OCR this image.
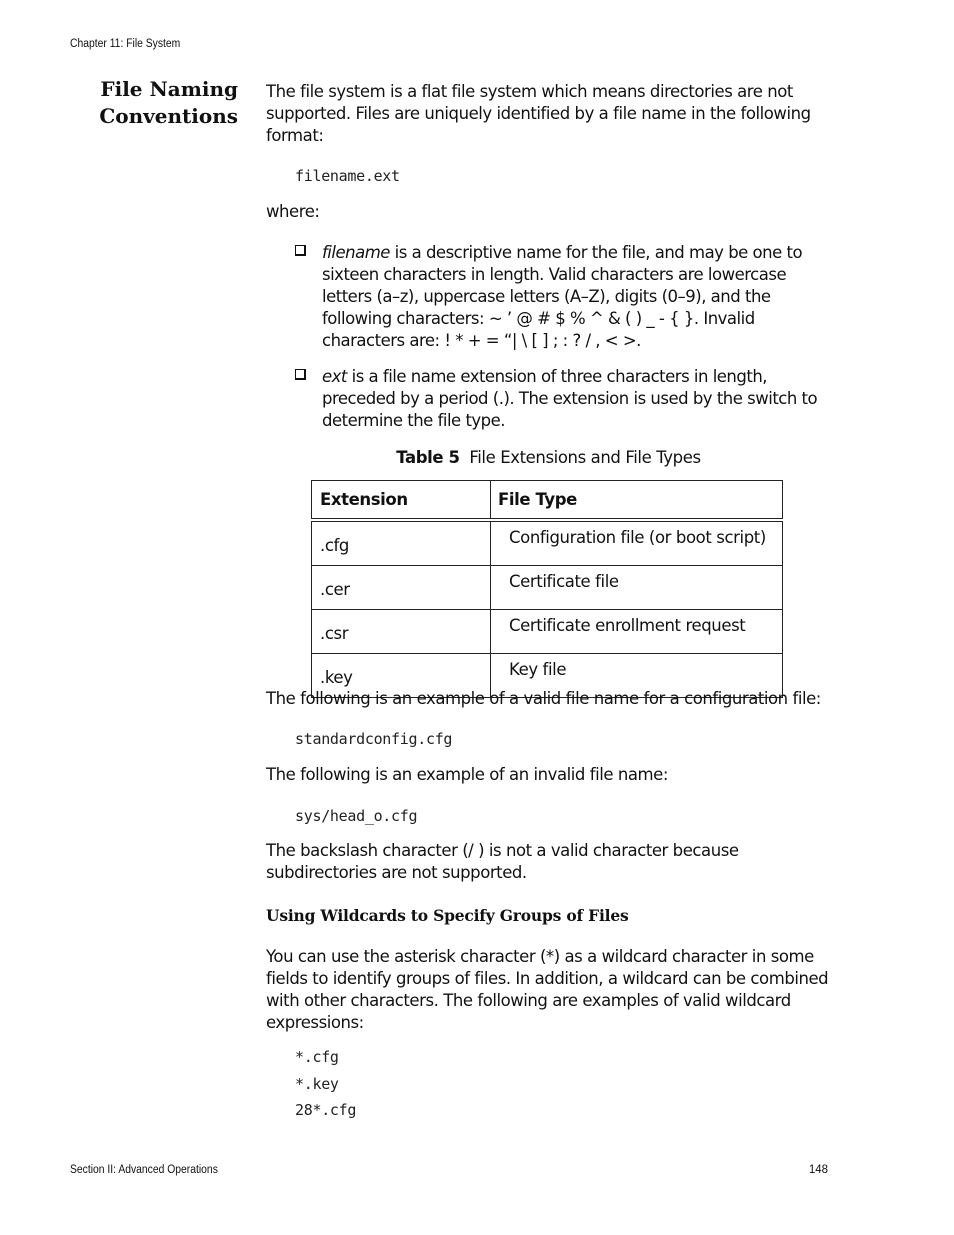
Chapter 11: File System
File Naming
Conventions

The file system is a flat file system which means directories are not supported. Files are uniquely identified by a file name in the following format:

filename.ext

where:

filename is a descriptive name for the file, and may be one to sixteen characters in length. Valid characters are lowercase letters (a–z), uppercase letters (A–Z), digits (0–9), and the following characters: ~ ’ @ # $ % ^ & ( ) _ - { }. Invalid characters are: ! * + = “| \ [ ] ; : ? / , < >.

ext is a file name extension of three characters in length, preceded by a period (.). The extension is used by the switch to determine the file type.

Table 5 File Extensions and File Types
Extension	File Type
.cfg	Configuration file (or boot script)
.cer	Certificate file
.csr	Certificate enrollment request
.key	Key file

The following is an example of a valid file name for a configuration file:

standardconfig.cfg

The following is an example of an invalid file name:

sys/head_o.cfg

The backslash character (/ ) is not a valid character because subdirectories are not supported.

Using Wildcards to Specify Groups of Files

You can use the asterisk character (*) as a wildcard character in some fields to identify groups of files. In addition, a wildcard can be combined with other characters. The following are examples of valid wildcard expressions:

*.cfg
*.key
28*.cfg
Section II: Advanced Operations	148
